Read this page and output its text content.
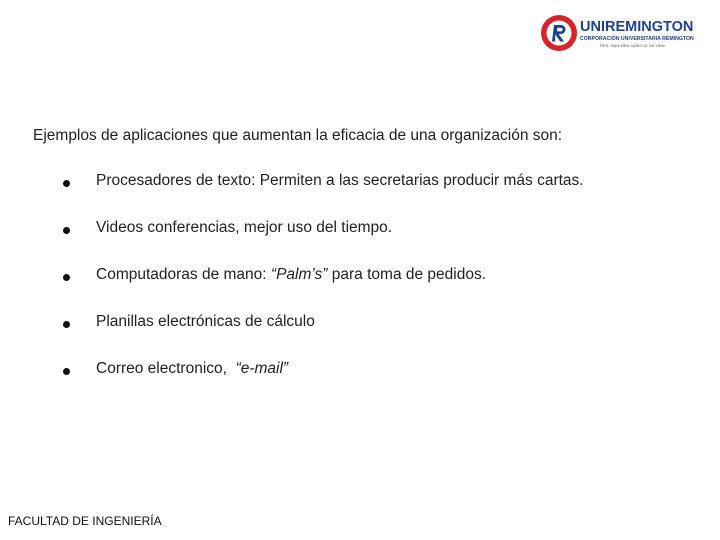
UNIREMINGTON
CORPORACIÓN UNIVERSITARIA REMINGTON
RES. 2661 MEN JUNIO 21 DE 1996
Ejemplos de aplicaciones que aumentan la eficacia de una organización son:
Procesadores de texto: Permiten a las secretarias producir más cartas.
Videos conferencias, mejor uso del tiempo.
Computadoras de mano: “Palm’s” para toma de pedidos.
Planillas electrónicas de cálculo
Correo electronico,  “e-mail”
FACULTAD DE INGENIERÍA
